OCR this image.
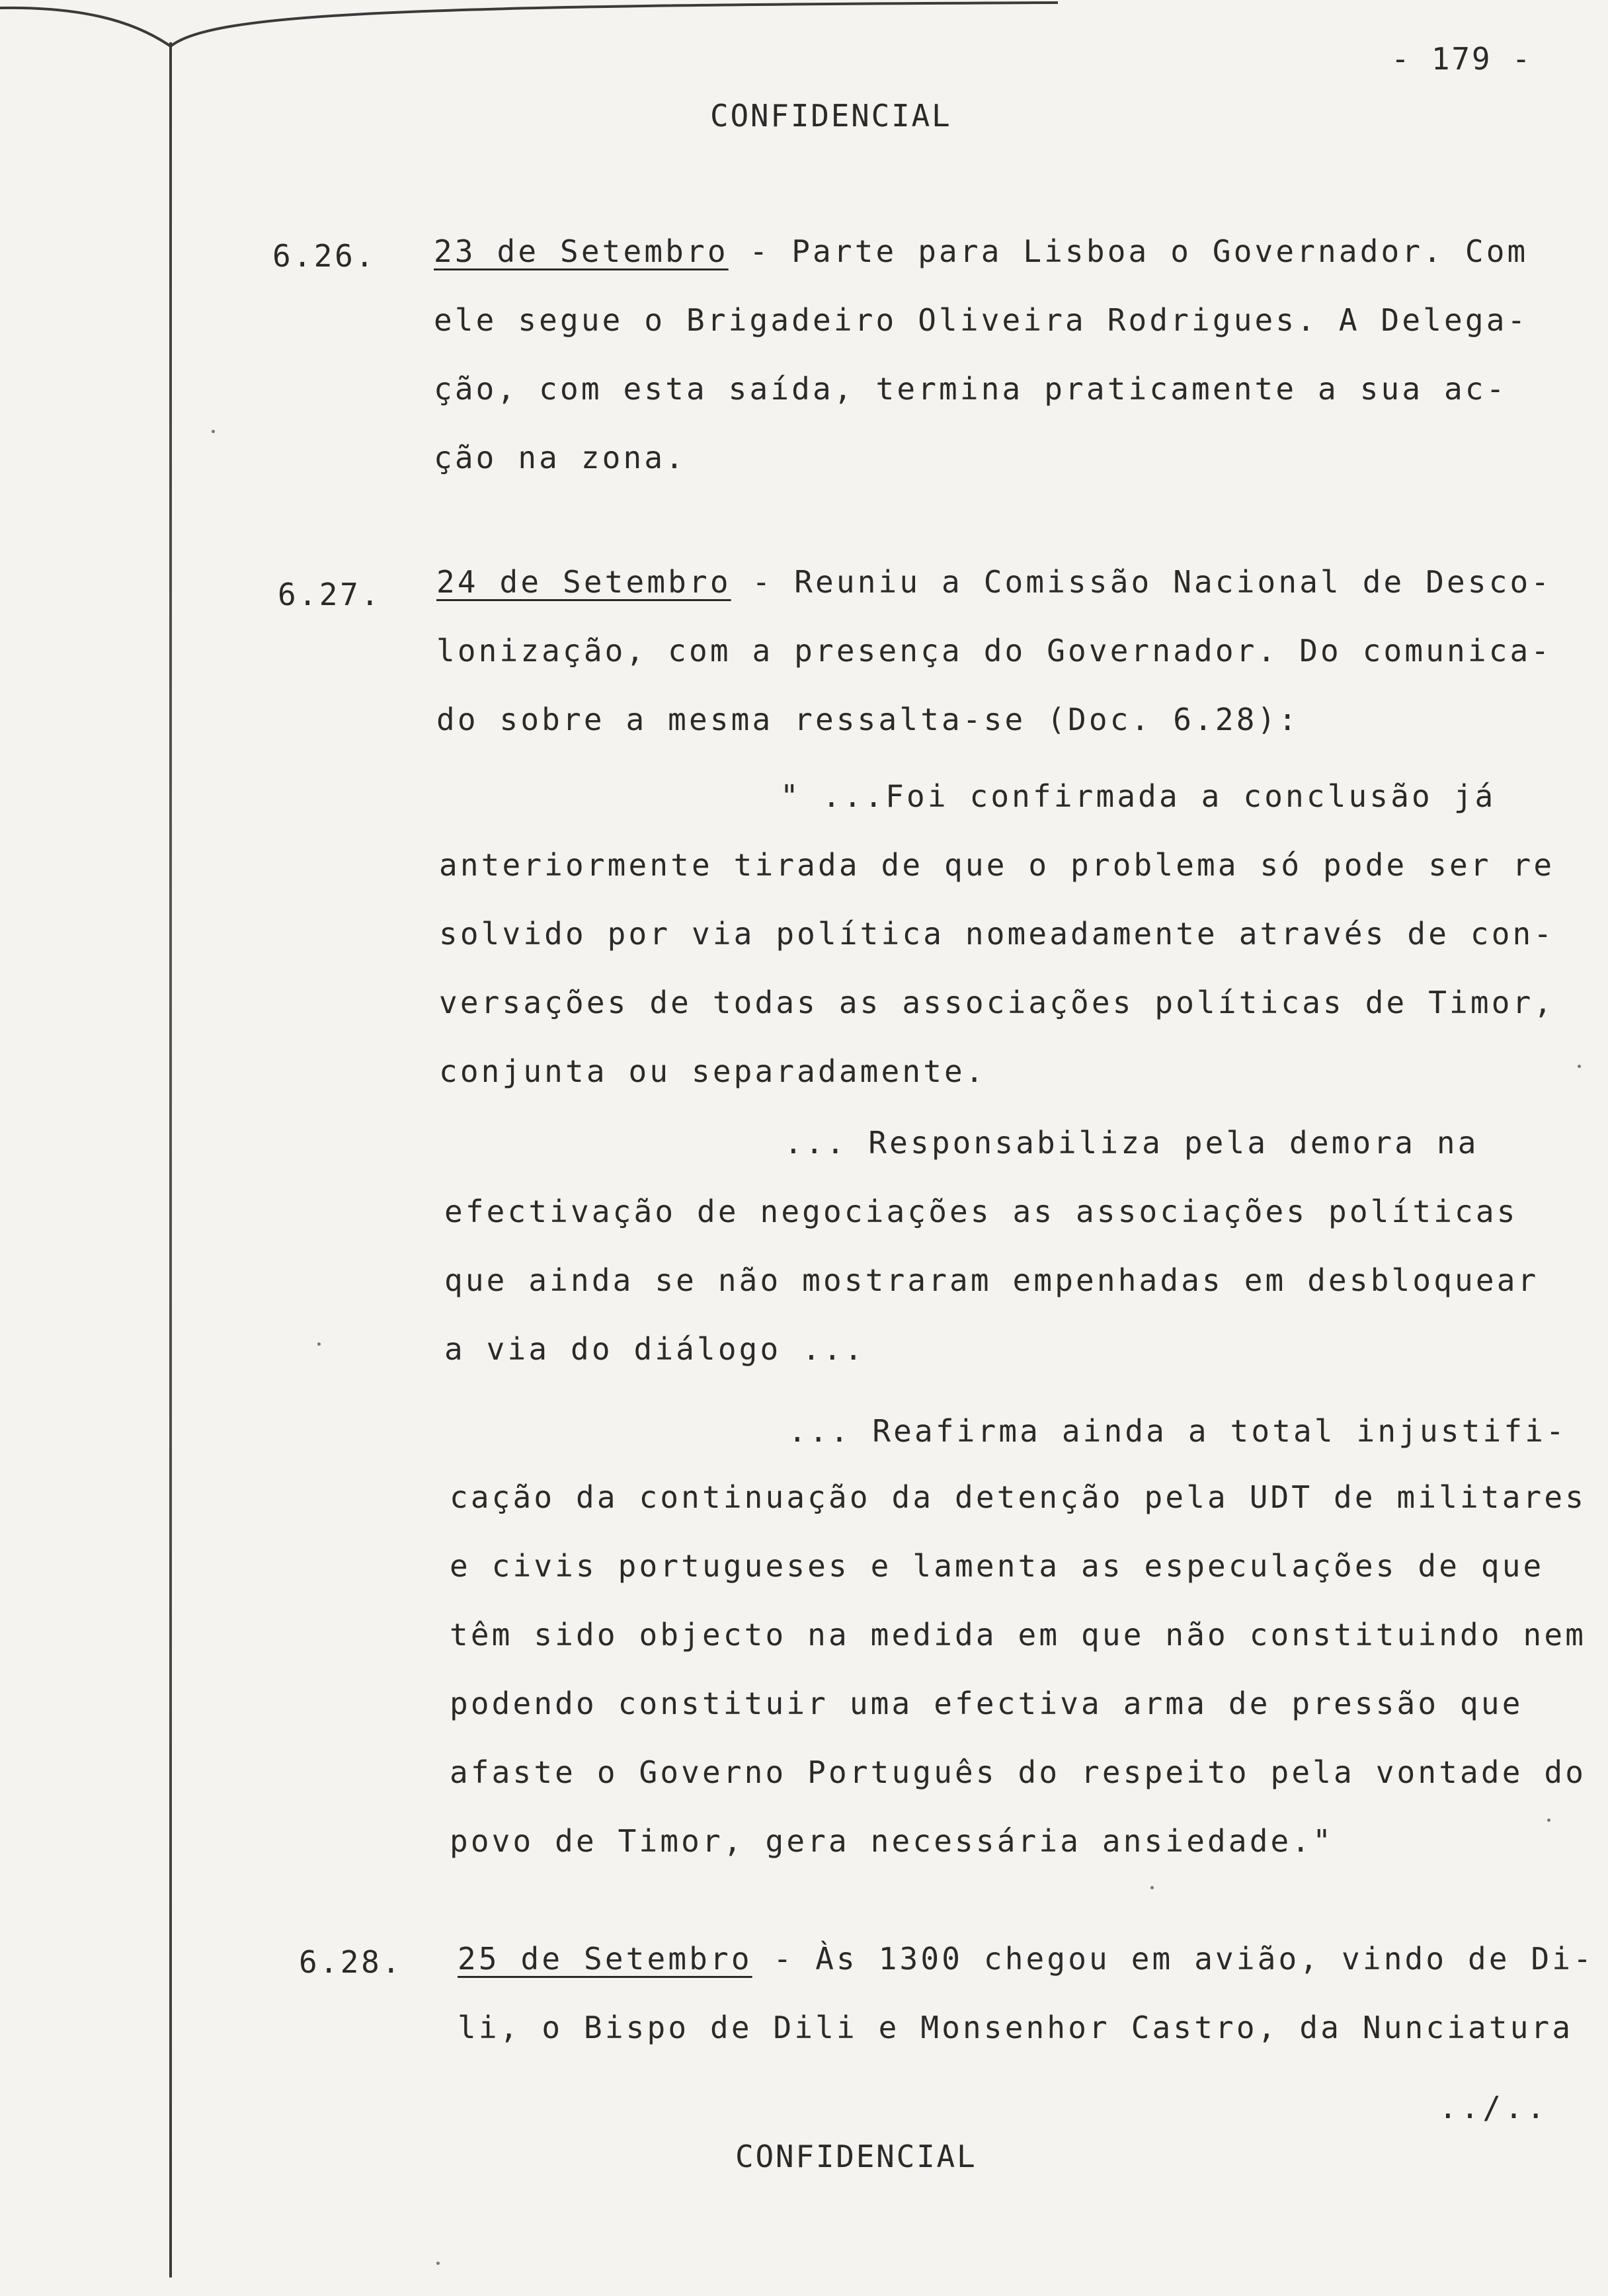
- 179 -
CONFIDENCIAL
6.26. 23 de Setembro - Parte para Lisboa o Governador. Com
ele segue o Brigadeiro Oliveira Rodrigues. A Delega-
ção, com esta saída, termina praticamente a sua ac-
ção na zona.
6.27. 24 de Setembro - Reuniu a Comissão Nacional de Desco-
lonização, com a presença do Governador. Do comunica-
do sobre a mesma ressalta-se (Doc. 6.28):
" ...Foi confirmada a conclusão já
anteriormente tirada de que o problema só pode ser re
solvido por via política nomeadamente através de con-
versações de todas as associações políticas de Timor,
conjunta ou separadamente.
... Responsabiliza pela demora na
efectivação de negociações as associações políticas
que ainda se não mostraram empenhadas em desbloquear
a via do diálogo ...
... Reafirma ainda a total injustifi-
cação da continuação da detenção pela UDT de militares
e civis portugueses e lamenta as especulações de que
têm sido objecto na medida em que não constituindo nem
podendo constituir uma efectiva arma de pressão que
afaste o Governo Português do respeito pela vontade do
povo de Timor, gera necessária ansiedade."
6.28. 25 de Setembro - Às 1300 chegou em avião, vindo de Di-
li, o Bispo de Dili e Monsenhor Castro, da Nunciatura
../..
CONFIDENCIAL
